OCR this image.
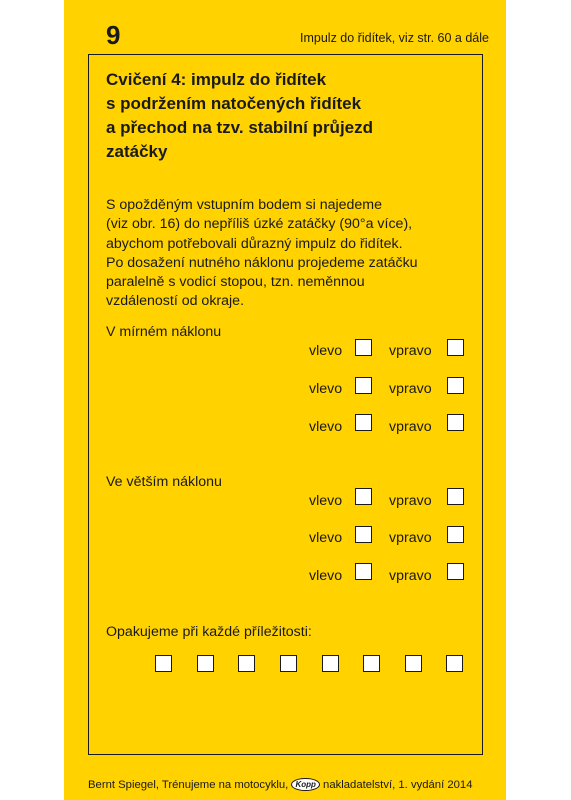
9	Impulz do řidítek, viz str. 60 a dále
Cvičení 4: impulz do řidítek
s podržením natočených řidítek
a přechod na tzv. stabilní průjezd
zatáčky
S opožděným vstupním bodem si najedeme
(viz obr. 16) do nepříliš úzké zatáčky (90°a více),
abychom potřebovali důrazný impulz do řidítek.
Po dosažení nutného náklonu projedeme zatáčku
paralelně s vodicí stopou, tzn. neměnnou
vzdáleností od okraje.
V mírném náklonu
vlevo	vpravo
vlevo	vpravo
vlevo	vpravo
Ve větším náklonu
vlevo	vpravo
vlevo	vpravo
vlevo	vpravo
Opakujeme při každé příležitosti:
Bernt Spiegel, Trénujeme na motocyklu, Kopp nakladatelství, 1. vydání 2014
